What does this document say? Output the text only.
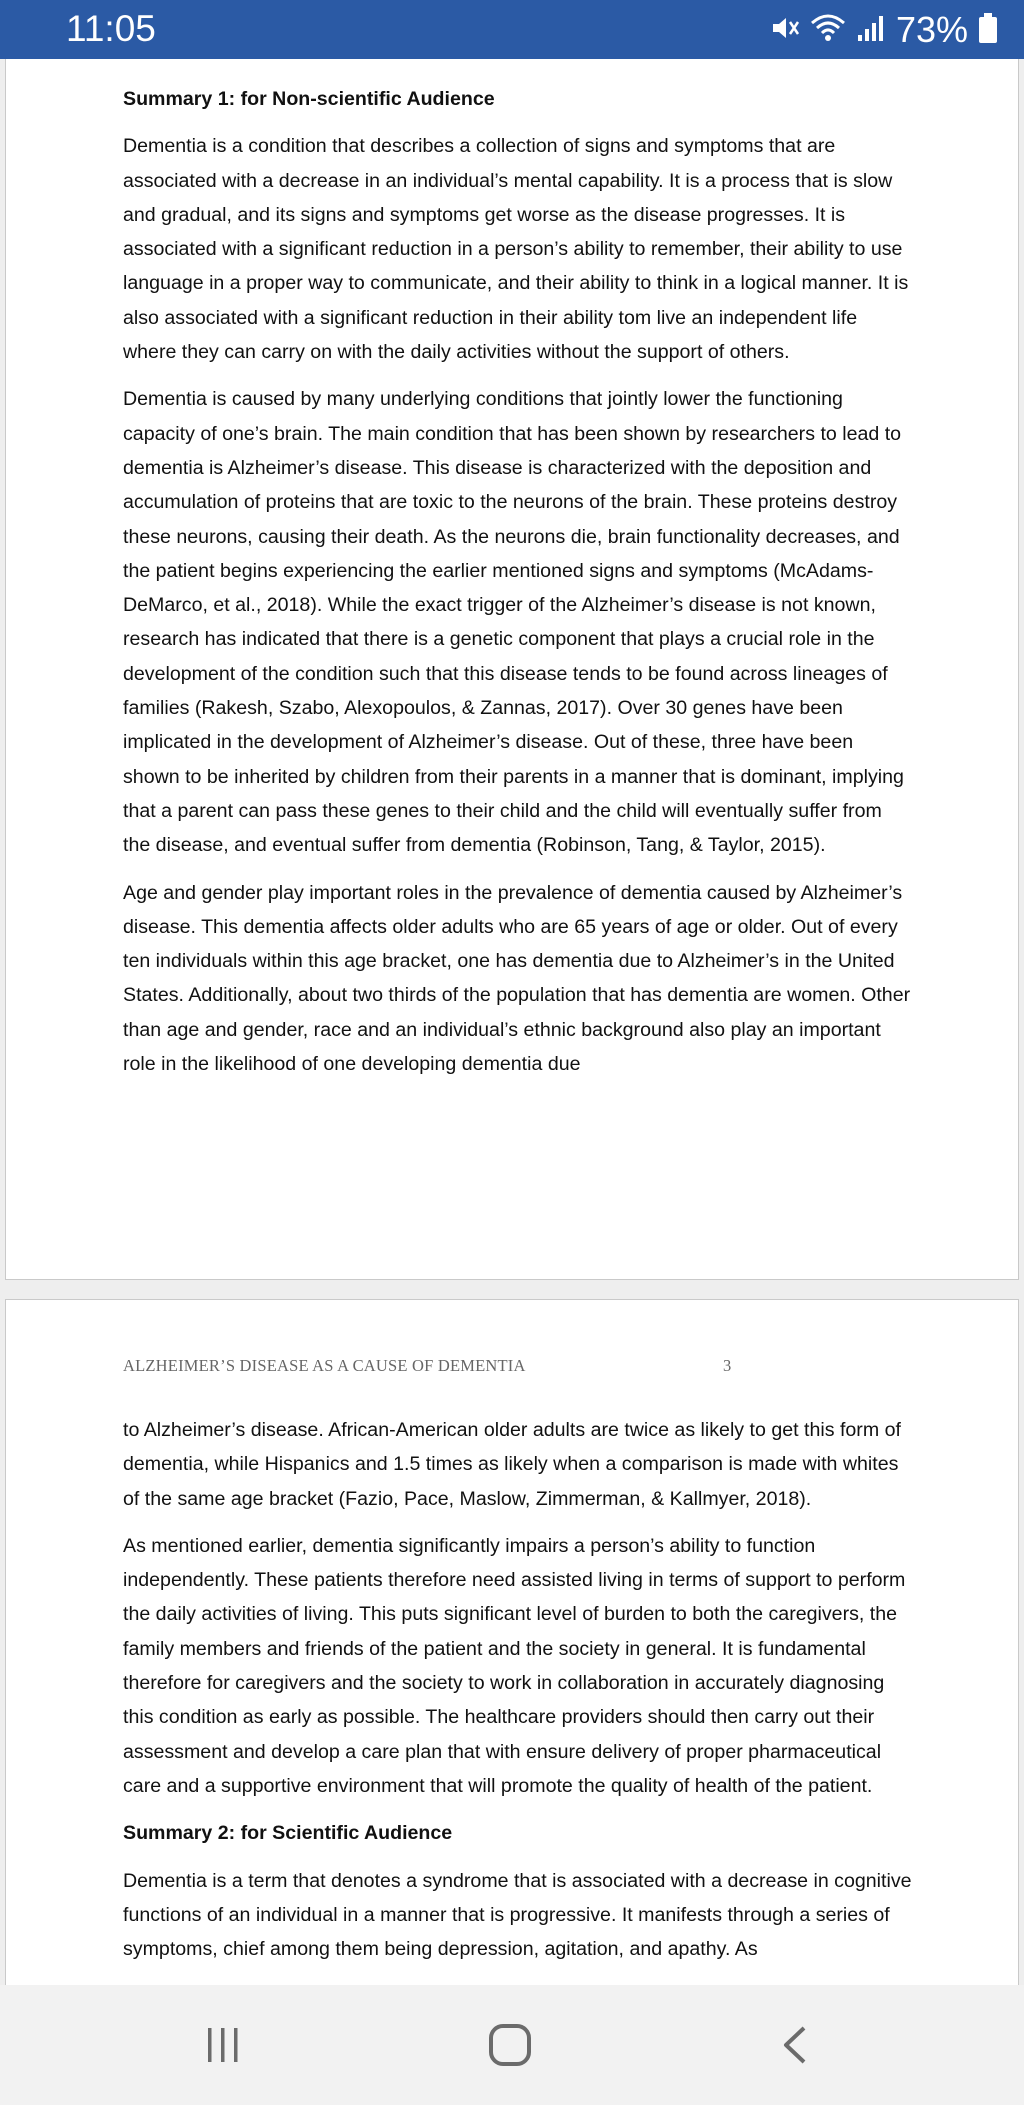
11:05	73%
Summary 1: for Non-scientific Audience

Dementia is a condition that describes a collection of signs and symptoms that are associated with a decrease in an individual’s mental capability. It is a process that is slow and gradual, and its signs and symptoms get worse as the disease progresses. It is associated with a significant reduction in a person’s ability to remember, their ability to use language in a proper way to communicate, and their ability to think in a logical manner. It is also associated with a significant reduction in their ability tom live an independent life where they can carry on with the daily activities without the support of others.

Dementia is caused by many underlying conditions that jointly lower the functioning capacity of one’s brain. The main condition that has been shown by researchers to lead to dementia is Alzheimer’s disease. This disease is characterized with the deposition and accumulation of proteins that are toxic to the neurons of the brain. These proteins destroy these neurons, causing their death. As the neurons die, brain functionality decreases, and the patient begins experiencing the earlier mentioned signs and symptoms (McAdams-DeMarco, et al., 2018). While the exact trigger of the Alzheimer’s disease is not known, research has indicated that there is a genetic component that plays a crucial role in the development of the condition such that this disease tends to be found across lineages of families (Rakesh, Szabo, Alexopoulos, & Zannas, 2017). Over 30 genes have been implicated in the development of Alzheimer’s disease. Out of these, three have been shown to be inherited by children from their parents in a manner that is dominant, implying that a parent can pass these genes to their child and the child will eventually suffer from the disease, and eventual suffer from dementia (Robinson, Tang, & Taylor, 2015).

Age and gender play important roles in the prevalence of dementia caused by Alzheimer’s disease. This dementia affects older adults who are 65 years of age or older. Out of every ten individuals within this age bracket, one has dementia due to Alzheimer’s in the United States. Additionally, about two thirds of the population that has dementia are women. Other than age and gender, race and an individual’s ethnic background also play an important role in the likelihood of one developing dementia due

ALZHEIMER’S DISEASE AS A CAUSE OF DEMENTIA	3

to Alzheimer’s disease. African-American older adults are twice as likely to get this form of dementia, while Hispanics and 1.5 times as likely when a comparison is made with whites of the same age bracket (Fazio, Pace, Maslow, Zimmerman, & Kallmyer, 2018).

As mentioned earlier, dementia significantly impairs a person’s ability to function independently. These patients therefore need assisted living in terms of support to perform the daily activities of living. This puts significant level of burden to both the caregivers, the family members and friends of the patient and the society in general. It is fundamental therefore for caregivers and the society to work in collaboration in accurately diagnosing this condition as early as possible. The healthcare providers should then carry out their assessment and develop a care plan that with ensure delivery of proper pharmaceutical care and a supportive environment that will promote the quality of health of the patient.

Summary 2: for Scientific Audience

Dementia is a term that denotes a syndrome that is associated with a decrease in cognitive functions of an individual in a manner that is progressive. It manifests through a series of symptoms, chief among them being depression, agitation, and apathy. As
